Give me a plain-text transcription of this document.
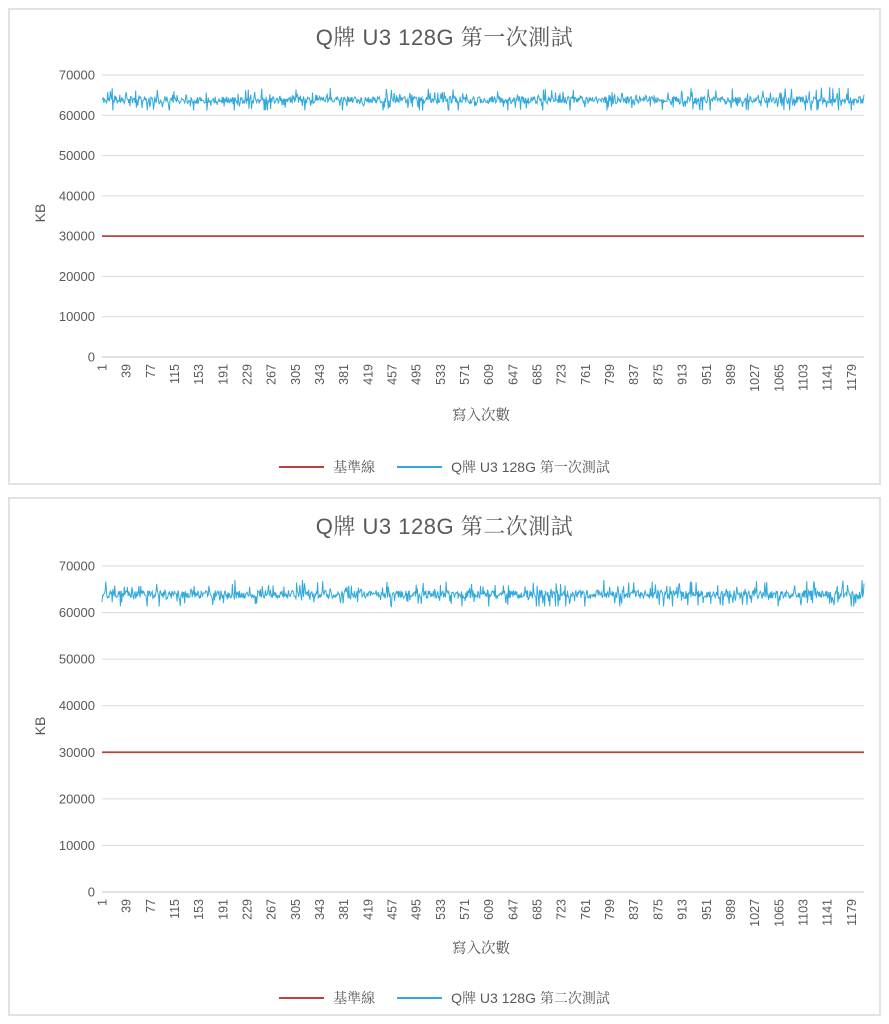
70000
60000
50000
40000
30000
20000
10000
0
1 39 77 115 153 191 229 267 305 343 381 419 457 495 533 571 609 647 685 723 761 799 837 875 913 951 989 1027 1065 1103 1141 1179
Q牌 U3 128G 第一次測試
KB
寫入次數
基準線	Q牌 U3 128G 第一次測試
70000
60000
50000
40000
30000
20000
10000
0
1 39 77 115 153 191 229 267 305 343 381 419 457 495 533 571 609 647 685 723 761 799 837 875 913 951 989 1027 1065 1103 1141 1179
Q牌 U3 128G 第二次測試
KB
寫入次數
基準線	Q牌 U3 128G 第二次測試
